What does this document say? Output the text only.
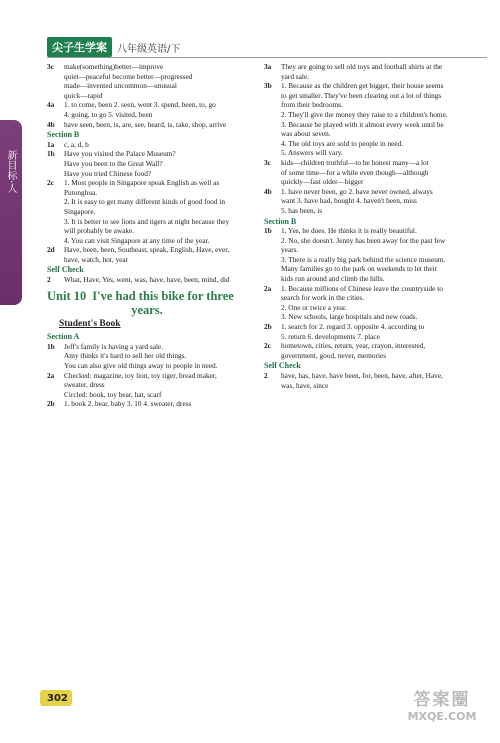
尖子生学案	八年级英语/下
新目标·人
3c	make(something)better—improve
quiet—peaceful become better—progressed
made—invented uncommon—unusual
quick—rapid
4a	1. to come, been 2. seen, went 3. spend, been, to, go
4. going, to go 5. visited, been
4b	have seen, been, is, are, see, heard, is, take, shop, arrive
Section B
1a	c, a, d, b
1b	Have you visited the Palace Museum?
Have you been to the Great Wall?
Have you tried Chinese food?
2c	1. Most people in Singapore speak English as well as
Putonghua.
2. It is easy to get many different kinds of good food in
Singapore.
3. It is better to see lions and tigers at night because they
will probably be awake.
4. You can visit Singapore at any time of the year.
2d	Have, been, been, Southeast, speak, English, Have, ever,
have, watch, hot, year
Self Check
2	What, Have, Yes, went, was, have, have, been, mind, did
Unit 10 I've had this bike for three
years.
Student's Book
Section A
1b	Jeff's family is having a yard sale.
Amy thinks it's hard to sell her old things.
You can also give old things away to people in need.
2a	Checked: magazine, toy lion, toy tiger, bread maker,
sweater, dress
Circled: book, toy bear, hat, scarf
2b	1. book 2. bear, baby 3. 10 4. sweater, dress
3a	They are going to sell old toys and football shirts at the
yard sale.
3b	1. Because as the children get bigger, their house seems
to get smaller. They've been clearing out a lot of things
from their bedrooms.
2. They'll give the money they raise to a children's home.
3. Because he played with it almost every week until he
was about seven.
4. The old toys are sold to people in need.
5. Answers will vary.
3c	kids—children truthful—to be honest many—a lot
of some time—for a while even though—although
quickly—fast older—bigger
4b	1. have never been, go 2. have never owned, always
want 3. have had, bought 4. haven't been, miss
5. has been, is
Section B
1b	1. Yes, he does. He thinks it is really beautiful.
2. No, she doesn't. Jenny has been away for the past few
years.
3. There is a really big park behind the science museum.
Many families go to the park on weekends to let their
kids run around and climb the hills.
2a	1. Because millions of Chinese leave the countryside to
search for work in the cities.
2. One or twice a year.
3. New schools, large hospitals and new roads.
2b	1. search for 2. regard 3. opposite 4. according to
5. return 6. developments 7. place
2c	hometown, cities, return, year, crayon, interested,
government, good, never, memories
Self Check
2	have, has, have, have been, for, been, have, after, Have,
was, have, since
302	答案圈
MXQE.COM
